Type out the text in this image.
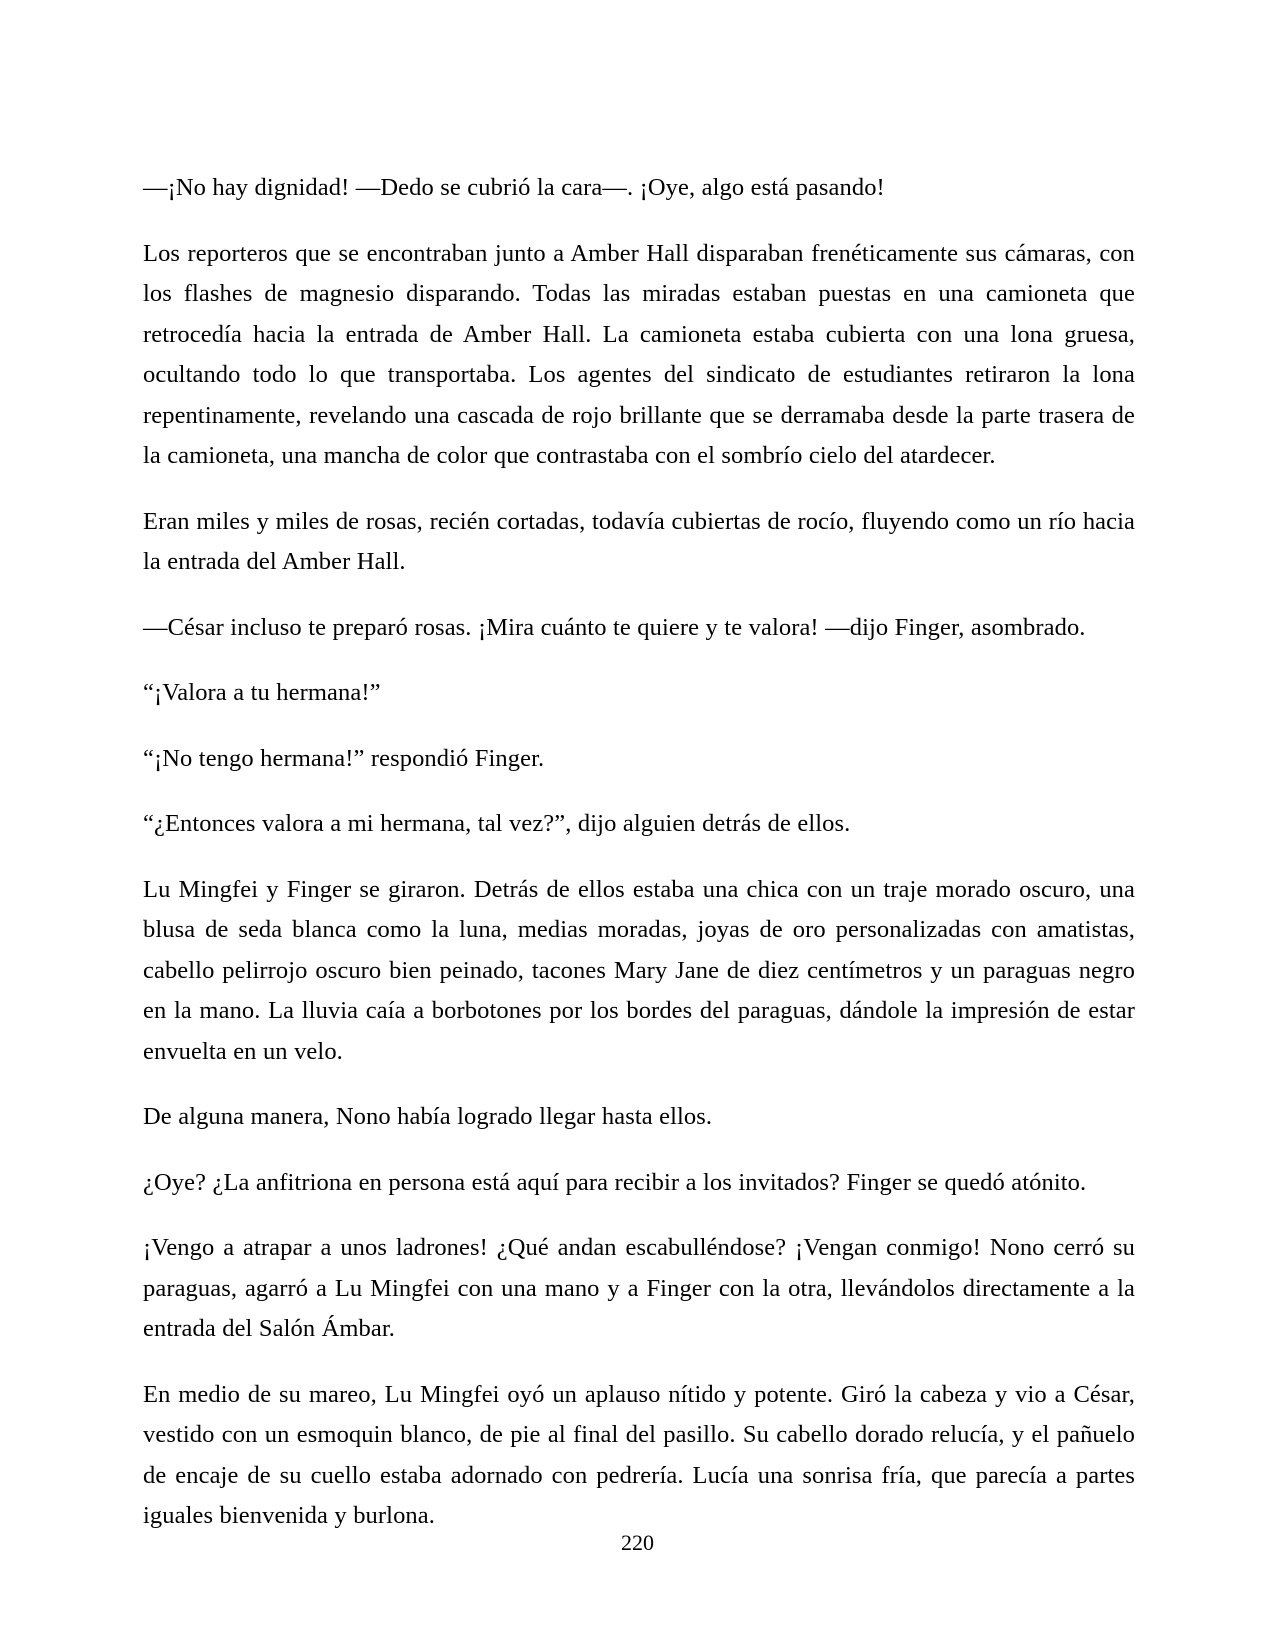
—¡No hay dignidad! —Dedo se cubrió la cara—. ¡Oye, algo está pasando!

Los reporteros que se encontraban junto a Amber Hall disparaban frenéticamente sus cámaras, con los flashes de magnesio disparando. Todas las miradas estaban puestas en una camioneta que retrocedía hacia la entrada de Amber Hall. La camioneta estaba cubierta con una lona gruesa, ocultando todo lo que transportaba. Los agentes del sindicato de estudiantes retiraron la lona repentinamente, revelando una cascada de rojo brillante que se derramaba desde la parte trasera de la camioneta, una mancha de color que contrastaba con el sombrío cielo del atardecer.

Eran miles y miles de rosas, recién cortadas, todavía cubiertas de rocío, fluyendo como un río hacia la entrada del Amber Hall.

—César incluso te preparó rosas. ¡Mira cuánto te quiere y te valora! —dijo Finger, asombrado.

“¡Valora a tu hermana!”

“¡No tengo hermana!” respondió Finger.

“¿Entonces valora a mi hermana, tal vez?”, dijo alguien detrás de ellos.

Lu Mingfei y Finger se giraron. Detrás de ellos estaba una chica con un traje morado oscuro, una blusa de seda blanca como la luna, medias moradas, joyas de oro personalizadas con amatistas, cabello pelirrojo oscuro bien peinado, tacones Mary Jane de diez centímetros y un paraguas negro en la mano. La lluvia caía a borbotones por los bordes del paraguas, dándole la impresión de estar envuelta en un velo.

De alguna manera, Nono había logrado llegar hasta ellos.

¿Oye? ¿La anfitriona en persona está aquí para recibir a los invitados? Finger se quedó atónito.

¡Vengo a atrapar a unos ladrones! ¿Qué andan escabulléndose? ¡Vengan conmigo! Nono cerró su paraguas, agarró a Lu Mingfei con una mano y a Finger con la otra, llevándolos directamente a la entrada del Salón Ámbar.

En medio de su mareo, Lu Mingfei oyó un aplauso nítido y potente. Giró la cabeza y vio a César, vestido con un esmoquin blanco, de pie al final del pasillo. Su cabello dorado relucía, y el pañuelo de encaje de su cuello estaba adornado con pedrería. Lucía una sonrisa fría, que parecía a partes iguales bienvenida y burlona.

220
